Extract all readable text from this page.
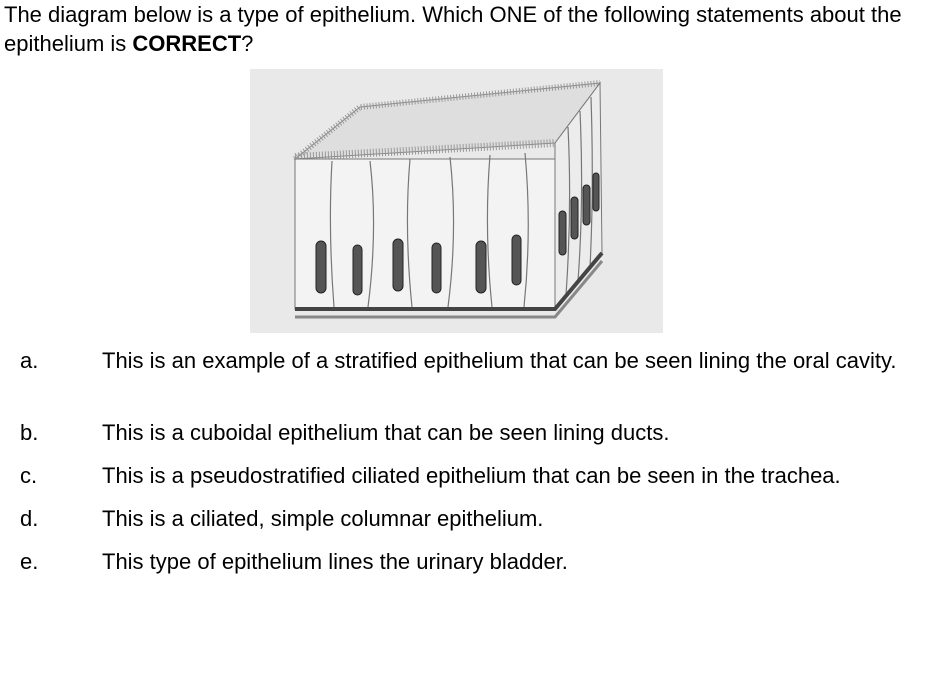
The diagram below is a type of epithelium. Which ONE of the following statements about the epithelium is CORRECT?
a.	This is an example of a stratified epithelium that can be seen lining the oral cavity.
b.	This is a cuboidal epithelium that can be seen lining ducts.
c.	This is a pseudostratified ciliated epithelium that can be seen in the trachea.
d.	This is a ciliated, simple columnar epithelium.
e.	This type of epithelium lines the urinary bladder.
